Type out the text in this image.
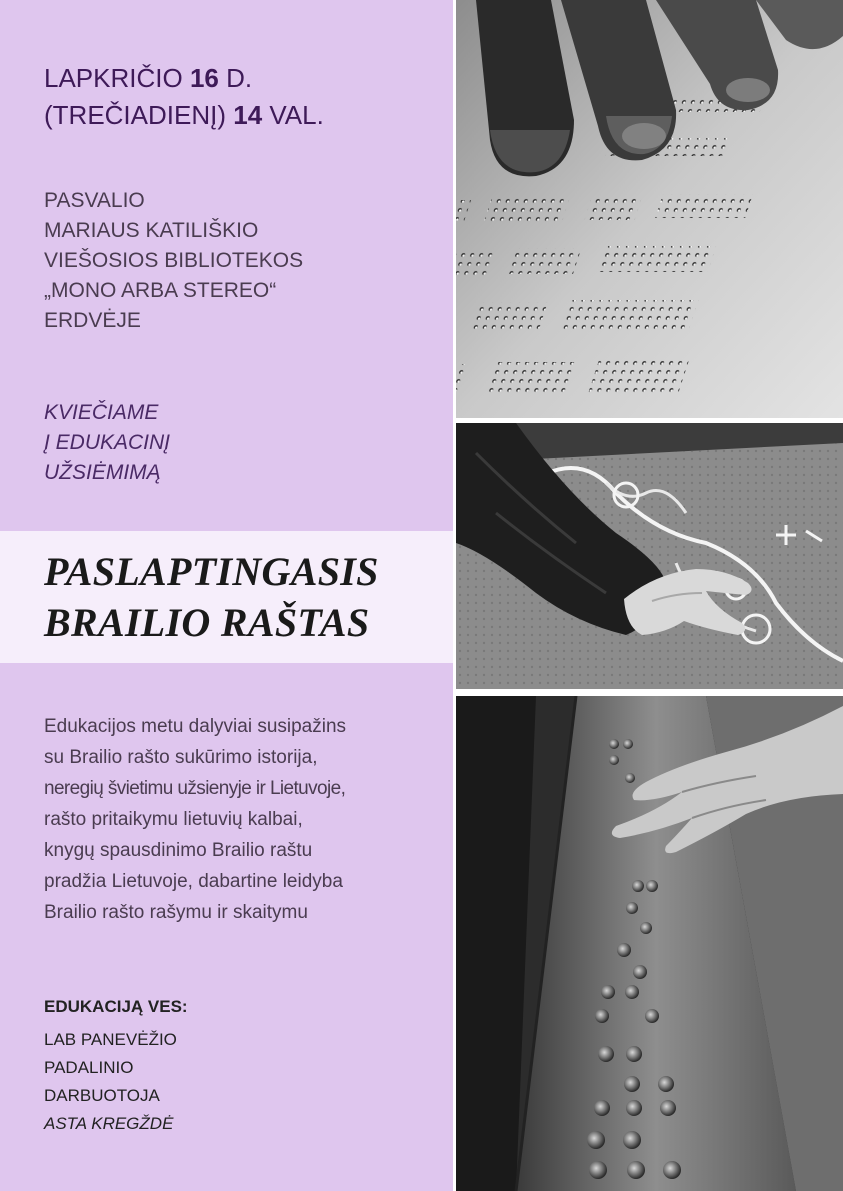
LAPKRIČIO 16 D.
(TREČIADIENĮ) 14 VAL.
PASVALIO
MARIAUS KATILIŠKIO
VIEŠOSIOS BIBLIOTEKOS
„MONO ARBA STEREO“
ERDVĖJE
KVIEČIAME
Į EDUKACINĮ
UŽSIĖMIMĄ
PASLAPTINGASIS
BRAILIO RAŠTAS
Edukacijos metu dalyviai susipažins
su Brailio rašto sukūrimo istorija,
neregių švietimu užsienyje ir Lietuvoje,
rašto pritaikymu lietuvių kalbai,
knygų spausdinimo Brailio raštu
pradžia Lietuvoje, dabartine leidyba
Brailio rašto rašymu ir skaitymu
EDUKACIJĄ VES:
LAB PANEVĖŽIO
PADALINIO
DARBUOTOJA
ASTA KREGŽDĖ
